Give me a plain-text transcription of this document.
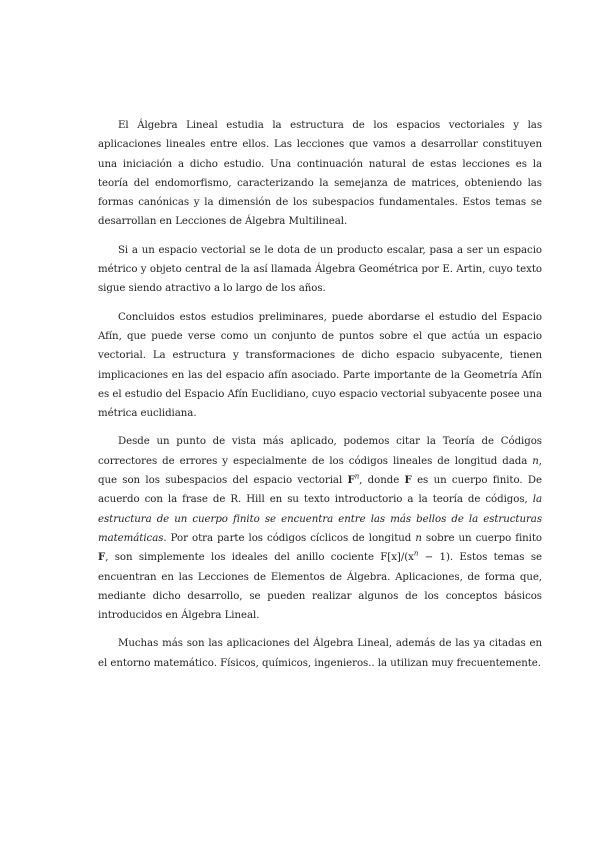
El Álgebra Lineal estudia la estructura de los espacios vectoriales y las aplicaciones lineales entre ellos. Las lecciones que vamos a desarrollar constituyen una iniciación a dicho estudio. Una continuación natural de estas lecciones es la teoría del endomorfismo, caracterizando la semejanza de matrices, obteniendo las formas canónicas y la dimensión de los subespacios fundamentales. Estos temas se desarrollan en Lecciones de Álgebra Multilineal.

Si a un espacio vectorial se le dota de un producto escalar, pasa a ser un espacio métrico y objeto central de la así llamada Álgebra Geométrica por E. Artin, cuyo texto sigue siendo atractivo a lo largo de los años.

Concluidos estos estudios preliminares, puede abordarse el estudio del Espacio Afín, que puede verse como un conjunto de puntos sobre el que actúa un espacio vectorial. La estructura y transformaciones de dicho espacio subyacente, tienen implicaciones en las del espacio afín asociado. Parte importante de la Geometría Afín es el estudio del Espacio Afín Euclidiano, cuyo espacio vectorial subyacente posee una métrica euclidiana.

Desde un punto de vista más aplicado, podemos citar la Teoría de Códigos correctores de errores y especialmente de los códigos lineales de longitud dada n, que son los subespacios del espacio vectorial $F^n$, donde F es un cuerpo finito. De acuerdo con la frase de R. Hill en su texto introductorio a la teoría de códigos, la estructura de un cuerpo finito se encuentra entre las más bellos de la estructuras matemáticas. Por otra parte los códigos cíclicos de longitud n sobre un cuerpo finito F, son simplemente los ideales del anillo cociente $F[x]/(x^n - 1)$. Estos temas se encuentran en las Lecciones de Elementos de Álgebra. Aplicaciones, de forma que, mediante dicho desarrollo, se pueden realizar algunos de los conceptos básicos introducidos en Álgebra Lineal.

Muchas más son las aplicaciones del Álgebra Lineal, además de las ya citadas en el entorno matemático. Físicos, químicos, ingenieros.. la utilizan muy frecuentemente.
